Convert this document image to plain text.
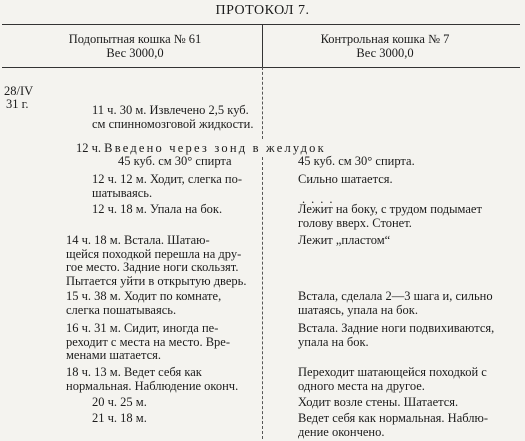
ПРОТОКОЛ 7.
Подопытная кошка № 61
Вес 3000,0
Контрольная кошка № 7
Вес 3000,0
28/IV
31 г.
12 ч. Введено через зонд в желудок
11 ч. 30 м. Извлечено 2,5 куб.
см спинномозговой жидкости.
45 куб. см 30° спирта
12 ч. 12 м. Ходит, слегка по-
шатываясь.
12 ч. 18 м. Упала на бок.
14 ч. 18 м. Встала. Шатаю-
щейся походкой перешла на дру-
гое место. Задние ноги скользят.
Пытается уйти в открытую дверь.
15 ч. 38 м. Ходит по комнате,
слегка пошатываясь.
16 ч. 31 м. Сидит, иногда пе-
реходит с места на место. Вре-
менами шатается.
18 ч. 13 м. Ведет себя как
нормальная. Наблюдение оконч.
20 ч. 25 м.
21 ч. 18 м.
....
45 куб. см 30° спирта.
Сильно шатается.
Лежит на боку, с трудом подымает
голову вверх. Стонет.
Лежит „пластом“
Встала, сделала 2—3 шага и, сильно
шатаясь, упала на бок.
Встала. Задние ноги подвихиваются,
упала на бок.
Переходит шатающейся походкой с
одного места на другое.
Ходит возле стены. Шатается.
Ведет себя как нормальная. Наблю-
дение окончено.
